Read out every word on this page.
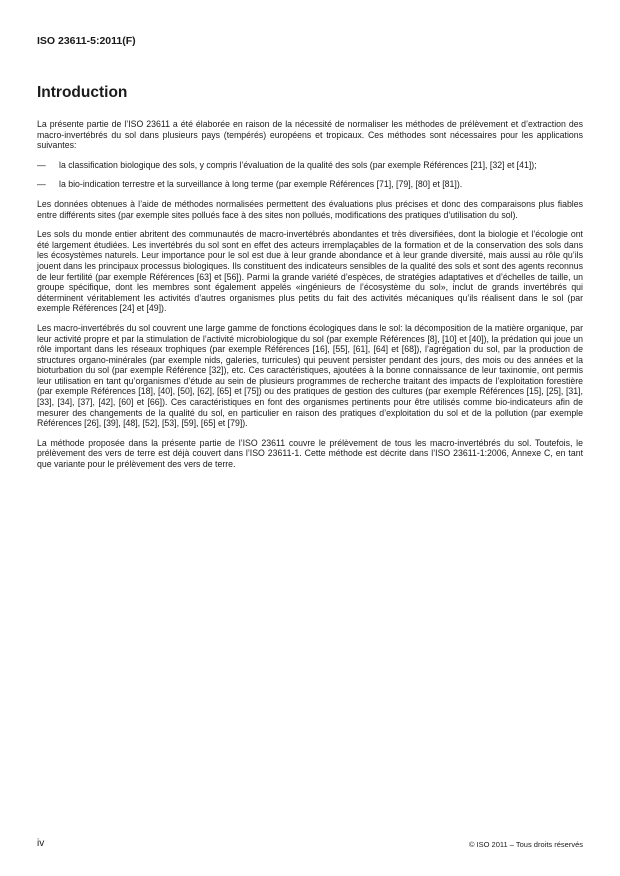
ISO 23611-5:2011(F)
Introduction

La présente partie de l’ISO 23611 a été élaborée en raison de la nécessité de normaliser les méthodes de prélèvement et d’extraction des macro-invertébrés du sol dans plusieurs pays (tempérés) européens et tropicaux. Ces méthodes sont nécessaires pour les applications suivantes:

—	la classification biologique des sols, y compris l’évaluation de la qualité des sols (par exemple Références [21], [32] et [41]);
—	la bio-indication terrestre et la surveillance à long terme (par exemple Références [71], [79], [80] et [81]).

Les données obtenues à l’aide de méthodes normalisées permettent des évaluations plus précises et donc des comparaisons plus fiables entre différents sites (par exemple sites pollués face à des sites non pollués, modifications des pratiques d’utilisation du sol).

Les sols du monde entier abritent des communautés de macro-invertébrés abondantes et très diversifiées, dont la biologie et l’écologie ont été largement étudiées. Les invertébrés du sol sont en effet des acteurs irremplaçables de la formation et de la conservation des sols dans les écosystèmes naturels. Leur importance pour le sol est due à leur grande abondance et à leur grande diversité, mais aussi au rôle qu’ils jouent dans les principaux processus biologiques. Ils constituent des indicateurs sensibles de la qualité des sols et sont des agents reconnus de leur fertilité (par exemple Références [63] et [56]). Parmi la grande variété d’espèces, de stratégies adaptatives et d’échelles de taille, un groupe spécifique, dont les membres sont également appelés «ingénieurs de l’écosystème du sol», inclut de grands invertébrés qui déterminent véritablement les activités d’autres organismes plus petits du fait des activités mécaniques qu’ils réalisent dans le sol (par exemple Références [24] et [49]).

Les macro-invertébrés du sol couvrent une large gamme de fonctions écologiques dans le sol: la décomposition de la matière organique, par leur activité propre et par la stimulation de l’activité microbiologique du sol (par exemple Références [8], [10] et [40]), la prédation qui joue un rôle important dans les réseaux trophiques (par exemple Références [16], [55], [61], [64] et [68]), l’agrégation du sol, par la production de structures organo-minérales (par exemple nids, galeries, turricules) qui peuvent persister pendant des jours, des mois ou des années et la bioturbation du sol (par exemple Référence [32]), etc. Ces caractéristiques, ajoutées à la bonne connaissance de leur taxinomie, ont permis leur utilisation en tant qu’organismes d’étude au sein de plusieurs programmes de recherche traitant des impacts de l’exploitation forestière (par exemple Références [18], [40], [50], [62], [65] et [75]) ou des pratiques de gestion des cultures (par exemple Références [15], [25], [31], [33], [34], [37], [42], [60] et [66]). Ces caractéristiques en font des organismes pertinents pour être utilisés comme bio-indicateurs afin de mesurer des changements de la qualité du sol, en particulier en raison des pratiques d’exploitation du sol et de la pollution (par exemple Références [26], [39], [48], [52], [53], [59], [65] et [79]).

La méthode proposée dans la présente partie de l’ISO 23611 couvre le prélèvement de tous les macro-invertébrés du sol. Toutefois, le prélèvement des vers de terre est déjà couvert dans l’ISO 23611-1. Cette méthode est décrite dans l’ISO 23611-1:2006, Annexe C, en tant que variante pour le prélèvement des vers de terre.

iv	© ISO 2011 – Tous droits réservés
